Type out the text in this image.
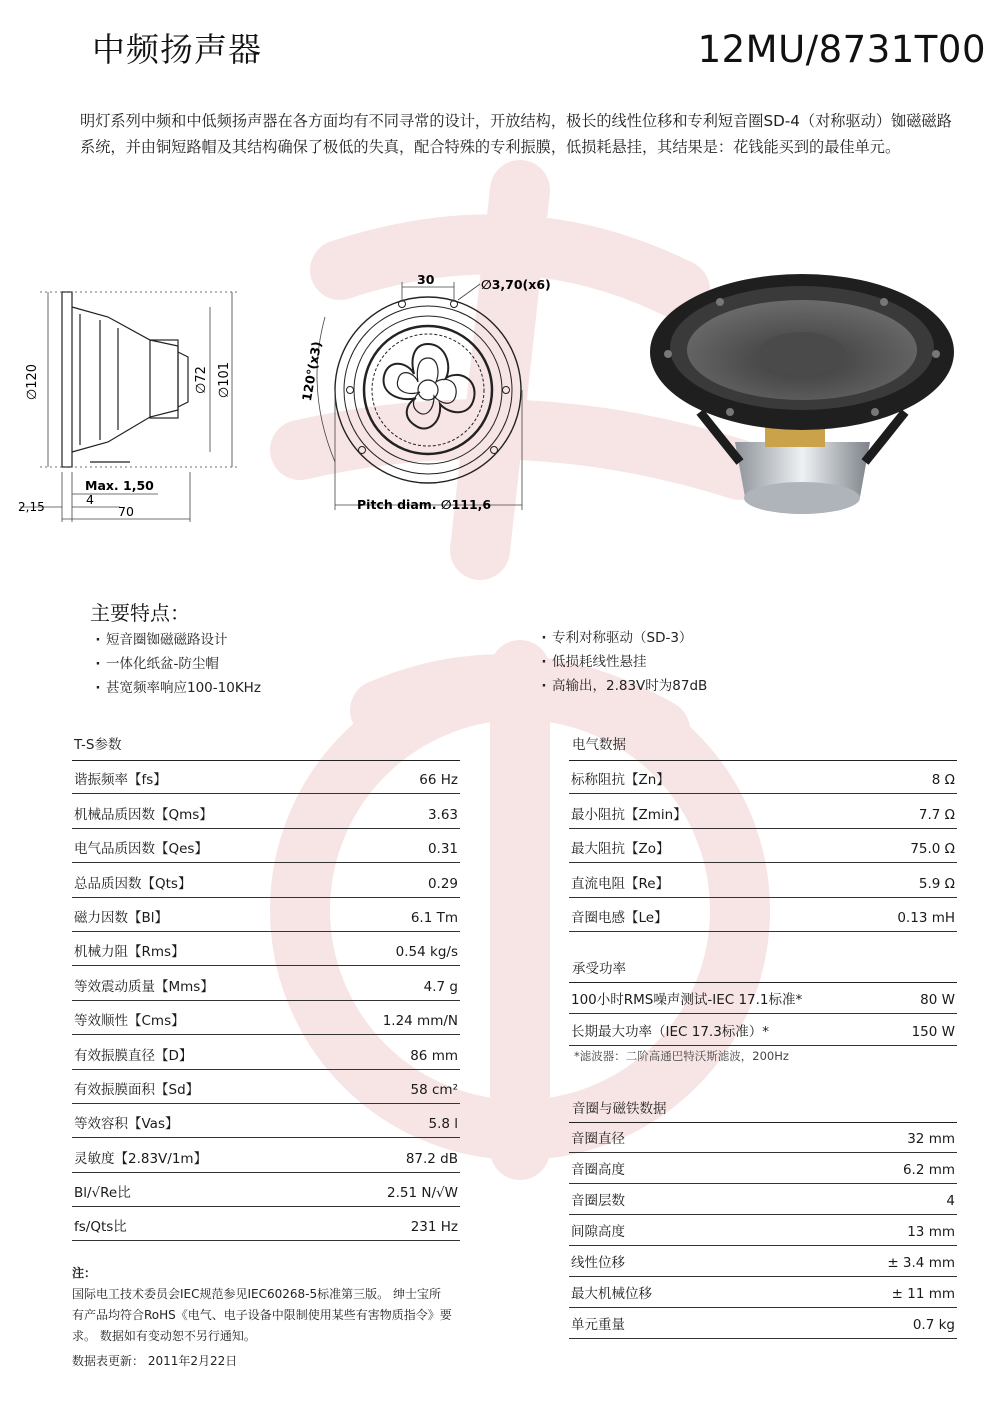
中频扬声器	12MU/8731T00
明灯系列中频和中低频扬声器在各方面均有不同寻常的设计，开放结构，极长的线性位移和专利短音圈SD-4（对称驱动）铷磁磁路系统，并由铜短路帽及其结构确保了极低的失真，配合特殊的专利振膜，低损耗悬挂，其结果是：花钱能买到的最佳单元。
∅120	∅72 ∅101
Max. 1,50
4
2,15	70
30	∅3,70(x6)
120°(x3)
Pitch diam. ∅111,6
主要特点：
· 短音圈铷磁磁路设计
· 一体化纸盆-防尘帽
· 甚宽频率响应100-10KHz
· 专利对称驱动（SD-3）
· 低损耗线性悬挂
· 高输出，2.83V时为87dB
T-S参数
谐振频率【fs】	66 Hz
机械品质因数【Qms】	3.63
电气品质因数【Qes】	0.31
总品质因数【Qts】	0.29
磁力因数【Bl】	6.1 Tm
机械力阻【Rms】	0.54 kg/s
等效震动质量【Mms】	4.7 g
等效顺性【Cms】	1.24 mm/N
有效振膜直径【D】	86 mm
有效振膜面积【Sd】	58 cm²
等效容积【Vas】	5.8 l
灵敏度【2.83V/1m】	87.2 dB
Bl/√Re比	2.51 N/√W
fs/Qts比	231 Hz
电气数据
标称阻抗【Zn】	8 Ω
最小阻抗【Zmin】	7.7 Ω
最大阻抗【Zo】	75.0 Ω
直流电阻【Re】	5.9 Ω
音圈电感【Le】	0.13 mH
承受功率
100小时RMS噪声测试-IEC 17.1标准*	80 W
长期最大功率（IEC 17.3标准）*	150 W
*滤波器：二阶高通巴特沃斯滤波，200Hz
音圈与磁铁数据
音圈直径	32 mm
音圈高度	6.2 mm
音圈层数	4
间隙高度	13 mm
线性位移	± 3.4 mm
最大机械位移	± 11 mm
单元重量	0.7 kg
注：
国际电工技术委员会IEC规范参见IEC60268-5标准第三版。 绅士宝所有产品均符合RoHS《电气、电子设备中限制使用某些有害物质指令》要求。 数据如有变动恕不另行通知。
数据表更新： 2011年2月22日
